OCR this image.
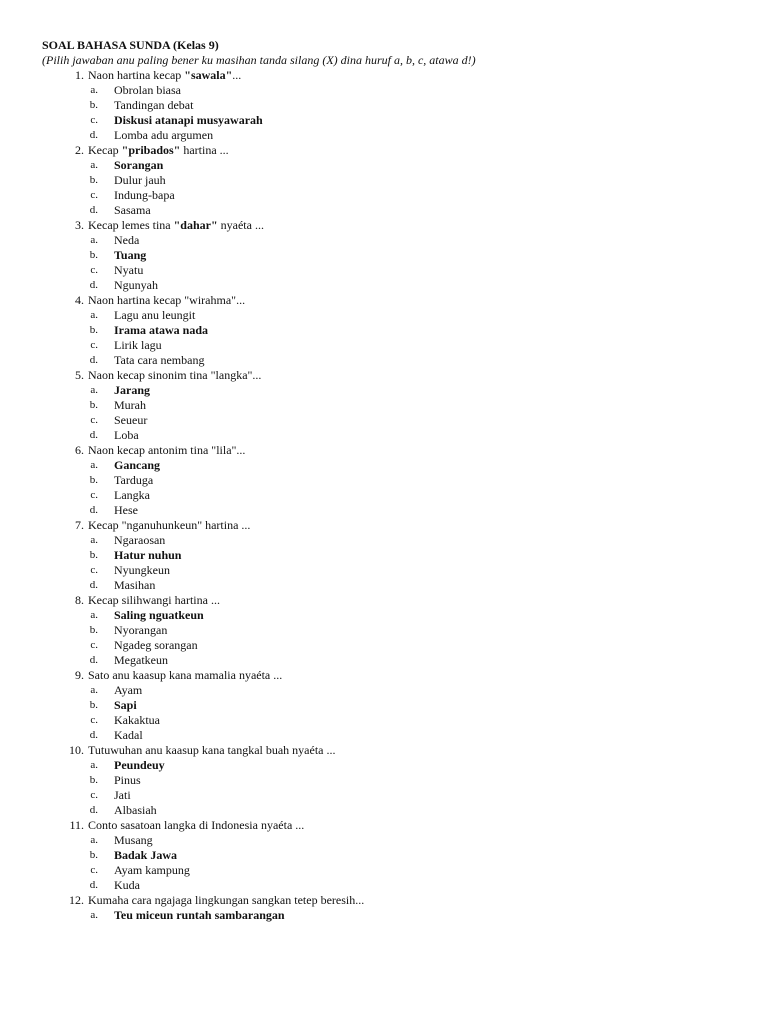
SOAL BAHASA SUNDA (Kelas 9)
(Pilih jawaban anu paling bener ku masihan tanda silang (X) dina huruf a, b, c, atawa d!)
1. Naon hartina kecap "sawala"...
a.	Obrolan biasa
b.	Tandingan debat
c.	Diskusi atanapi musyawarah
d.	Lomba adu argumen
2. Kecap "pribados" hartina ...
a.	Sorangan
b.	Dulur jauh
c.	Indung-bapa
d.	Sasama
3. Kecap lemes tina "dahar" nyaéta ...
a.	Neda
b.	Tuang
c.	Nyatu
d.	Ngunyah
4. Naon hartina kecap "wirahma"...
a.	Lagu anu leungit
b.	Irama atawa nada
c.	Lirik lagu
d.	Tata cara nembang
5. Naon kecap sinonim tina "langka"...
a.	Jarang
b.	Murah
c.	Seueur
d.	Loba
6. Naon kecap antonim tina "lila"...
a.	Gancang
b.	Tarduga
c.	Langka
d.	Hese
7. Kecap "nganuhunkeun" hartina ...
a.	Ngaraosan
b.	Hatur nuhun
c.	Nyungkeun
d.	Masihan
8. Kecap silihwangi hartina ...
a.	Saling nguatkeun
b.	Nyorangan
c.	Ngadeg sorangan
d.	Megatkeun
9. Sato anu kaasup kana mamalia nyaéta ...
a.	Ayam
b.	Sapi
c.	Kakaktua
d.	Kadal
10. Tutuwuhan anu kaasup kana tangkal buah nyaéta ...
a.	Peundeuy
b.	Pinus
c.	Jati
d.	Albasiah
11. Conto sasatoan langka di Indonesia nyaéta ...
a.	Musang
b.	Badak Jawa
c.	Ayam kampung
d.	Kuda
12. Kumaha cara ngajaga lingkungan sangkan tetep beresih...
a.	Teu miceun runtah sambarangan
